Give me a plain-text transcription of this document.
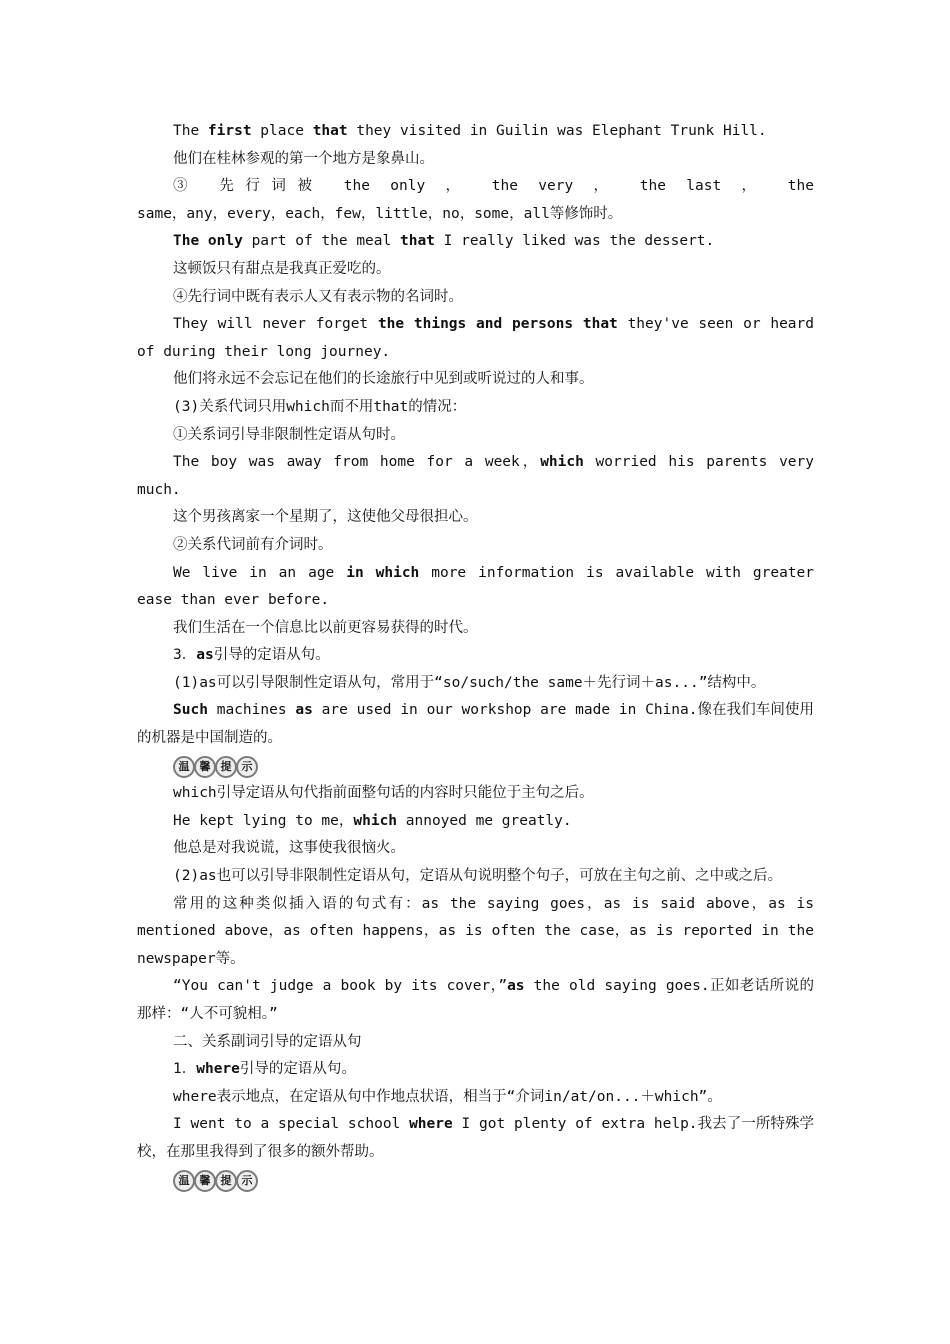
The first place that they visited in Guilin was Elephant Trunk Hill.

他们在桂林参观的第一个地方是象鼻山。

③ 先行词被 the only ， the very ， the last ， the

same，any，every，each，few，little，no，some，all等修饰时。

The only part of the meal that I really liked was the dessert.

这顿饭只有甜点是我真正爱吃的。

④先行词中既有表示人又有表示物的名词时。

They will never forget the things and persons that they've seen or heard of during their long journey.

他们将永远不会忘记在他们的长途旅行中见到或听说过的人和事。

(3)关系代词只用which而不用that的情况：

①关系词引导非限制性定语从句时。

The boy was away from home for a week，which worried his parents very much.

这个男孩离家一个星期了，这使他父母很担心。

②关系代词前有介词时。

We live in an age in which more information is available with greater ease than ever before.

我们生活在一个信息比以前更容易获得的时代。

3．as引导的定语从句。

(1)as可以引导限制性定语从句，常用于“so/such/the same＋先行词＋as...”结构中。

Such machines as are used in our workshop are made in China.像在我们车间使用的机器是中国制造的。

温 馨 提 示

which引导定语从句代指前面整句话的内容时只能位于主句之后。

He kept lying to me，which annoyed me greatly.

他总是对我说谎，这事使我很恼火。

(2)as也可以引导非限制性定语从句，定语从句说明整个句子，可放在主句之前、之中或之后。

常用的这种类似插入语的句式有：as the saying goes，as is said above，as is mentioned above，as often happens，as is often the case，as is reported in the newspaper等。

“You can't judge a book by its cover，”as the old saying goes.正如老话所说的那样：“人不可貌相。”

二、关系副词引导的定语从句

1．where引导的定语从句。

where表示地点，在定语从句中作地点状语，相当于“介词in/at/on...＋which”。

I went to a special school where I got plenty of extra help.我去了一所特殊学校，在那里我得到了很多的额外帮助。

温 馨 提 示
